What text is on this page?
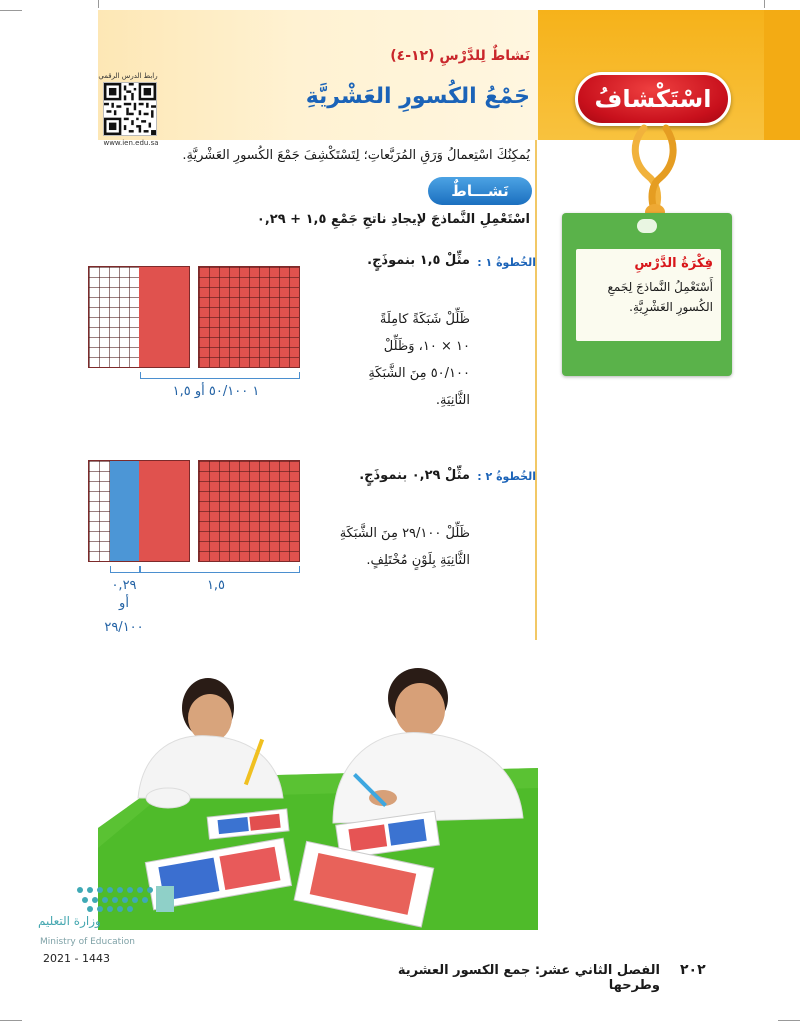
رابط الدرس الرقمي
www.ien.edu.sa
نَشاطٌ لِلدَّرْسِ (١٢-٤)
جَمْعُ الكُسورِ العَشْريَّةِ	اسْتَكْشافُ
فِكْرَةُ الدَّرْسِ
أَسْتَعْمِلُ النَّماذجَ لِجَمعِ الكُسورِ العَشْرِيَّةِ.
يُمكِنُكَ اسْتِعمالُ وَرَقِ المُرَبَّعاتِ؛ لِتَسْتَكْشِفَ جَمْعَ الكُسورِ العَشْريَّةِ.
نَشـــاطٌ
اسْتَعْمِلِ النَّماذجَ لإيجادِ ناتجِ جَمْعِ ١,٥ + ٠,٢٩
الخُطوةُ ١ :
مثِّلْ ١,٥ بنموذَجٍ.
١ ٥٠/١٠٠ أو ١,٥
ظَلِّلْ شَبَكَةً كامِلَةً
١٠ × ١٠، وَظَلِّلْ
٥٠/١٠٠ مِنَ الشَّبَكَةِ
الثَّانِيَةِ.
الخُطوةُ ٢ :
مثِّلْ ٠,٢٩ بنموذَجٍ.
٠,٢٩
أو
٢٩/١٠٠
١,٥
ظَلِّلْ ٢٩/١٠٠ مِنَ الشَّبَكَةِ
الثَّانِيَةِ بِلَوْنٍ مُخْتَلِفٍ.
وزارة التعليم
Ministry of Education
2021 - 1443
الفصل الثاني عشر: جمع الكسور العشرية وطرحها
٢٠٢
